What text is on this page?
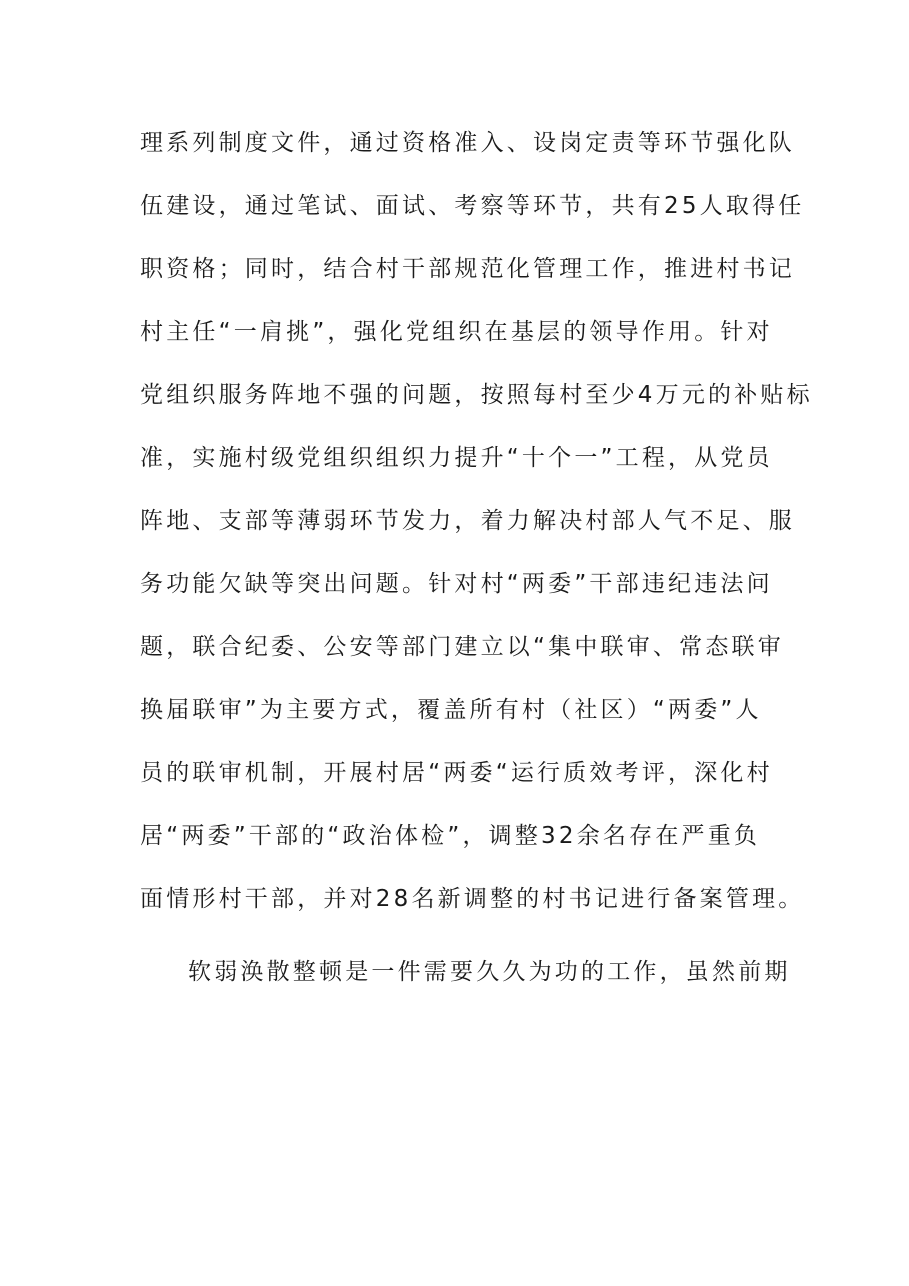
理系列制度文件，通过资格准入、设岗定责等环节强化队
伍建设，通过笔试、面试、考察等环节，共有25人取得任
职资格；同时，结合村干部规范化管理工作，推进村书记
村主任“一肩挑”，强化党组织在基层的领导作用。针对
党组织服务阵地不强的问题，按照每村至少4万元的补贴标
准，实施村级党组织组织力提升“十个一”工程，从党员
阵地、支部等薄弱环节发力，着力解决村部人气不足、服
务功能欠缺等突出问题。针对村“两委”干部违纪违法问
题，联合纪委、公安等部门建立以“集中联审、常态联审
换届联审”为主要方式，覆盖所有村（社区）“两委”人
员的联审机制，开展村居“两委“运行质效考评，深化村
居“两委”干部的“政治体检”，调整32余名存在严重负
面情形村干部，并对28名新调整的村书记进行备案管理。
软弱涣散整顿是一件需要久久为功的工作，虽然前期
